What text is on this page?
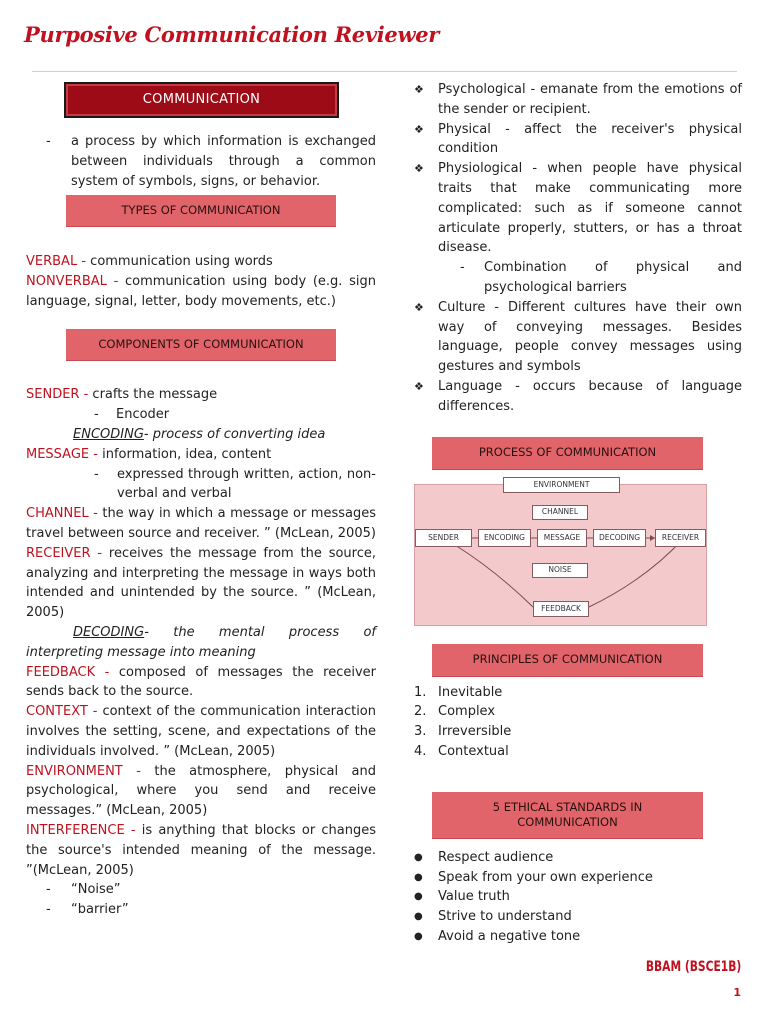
Purposive Communication Reviewer
COMMUNICATION
-	a process by which information is exchanged between individuals through a common system of symbols, signs, or behavior.
TYPES OF COMMUNICATION
VERBAL - communication using words
NONVERBAL - communication using body (e.g. sign language, signal, letter, body movements, etc.)
COMPONENTS OF COMMUNICATION
SENDER - crafts the message
- Encoder
ENCODING- process of converting idea
MESSAGE - information, idea, content
-	expressed through written, action, non-verbal and verbal
CHANNEL - the way in which a message or messages travel between source and receiver. ” (McLean, 2005)
RECEIVER - receives the message from the source, analyzing and interpreting the message in ways both intended and unintended by the source. ” (McLean, 2005)
DECODING- the mental process of interpreting message into meaning
FEEDBACK - composed of messages the receiver sends back to the source.
CONTEXT - context of the communication interaction involves the setting, scene, and expectations of the individuals involved. ” (McLean, 2005)
ENVIRONMENT - the atmosphere, physical and psychological, where you send and receive messages.” (McLean, 2005)
INTERFERENCE - is anything that blocks or changes the source's intended meaning of the message. ”(McLean, 2005)
-	“Noise”
-	“barrier”
❖	Psychological - emanate from the emotions of the sender or recipient.
❖	Physical - affect the receiver's physical condition
❖	Physiological - when people have physical traits that make communicating more complicated: such as if someone cannot articulate properly, stutters, or has a throat disease.
-	Combination of physical and psychological barriers
❖	Culture - Different cultures have their own way of conveying messages. Besides language, people convey messages using gestures and symbols
❖	Language - occurs because of language differences.
PROCESS OF COMMUNICATION
ENVIRONMENT
CHANNEL
SENDER	ENCODING	MESSAGE	DECODING	RECEIVER
NOISE
FEEDBACK
PRINCIPLES OF COMMUNICATION
1. Inevitable
2. Complex
3. Irreversible
4. Contextual
5 ETHICAL STANDARDS IN
COMMUNICATION
●	Respect audience
●	Speak from your own experience
●	Value truth
●	Strive to understand
●	Avoid a negative tone
BBAM (BSCE1B)
1
